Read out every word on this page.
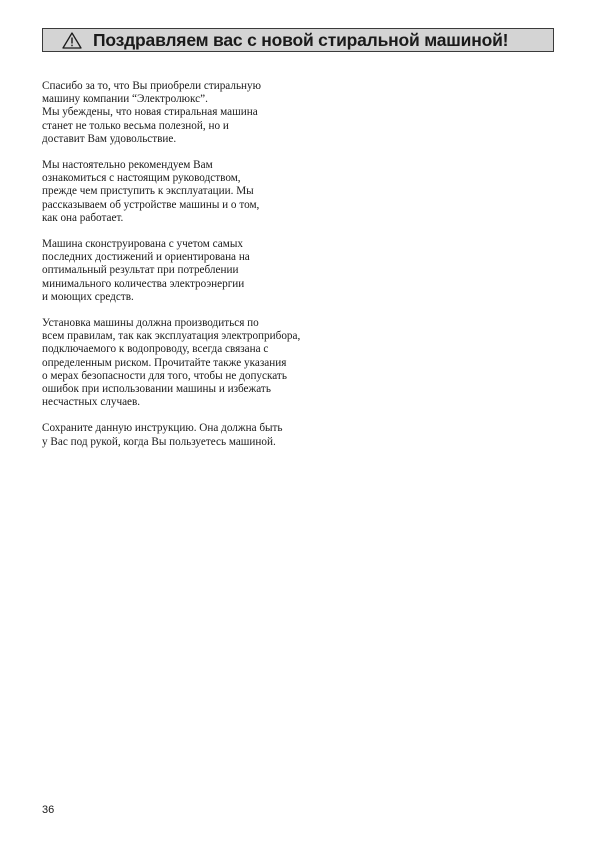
Поздравляем вас с новой стиральной машиной!

Спасибо за то, что Вы приобрели стиральную
машину компании “Электролюкс”.
Мы убеждены, что новая стиральная машина
станет не только весьма полезной, но и
доставит Вам удовольствие.

Мы настоятельно рекомендуем Вам
ознакомиться с настоящим руководством,
прежде чем приступить к эксплуатации. Мы
рассказываем об устройстве машины и о том,
как она работает.

Машина сконструирована с учетом самых
последних достижений и ориентирована на
оптимальный результат при потреблении
минимального количества электроэнергии
и моющих средств.

Установка машины должна производиться по
всем правилам, так как эксплуатация электроприбора,
подключаемого к водопроводу, всегда связана с
определенным риском. Прочитайте также указания
о мерах безопасности для того, чтобы не допускать
ошибок при использовании машины и избежать
несчастных случаев.

Сохраните данную инструкцию. Она должна быть
у Вас под рукой, когда Вы пользуетесь машиной.

36
